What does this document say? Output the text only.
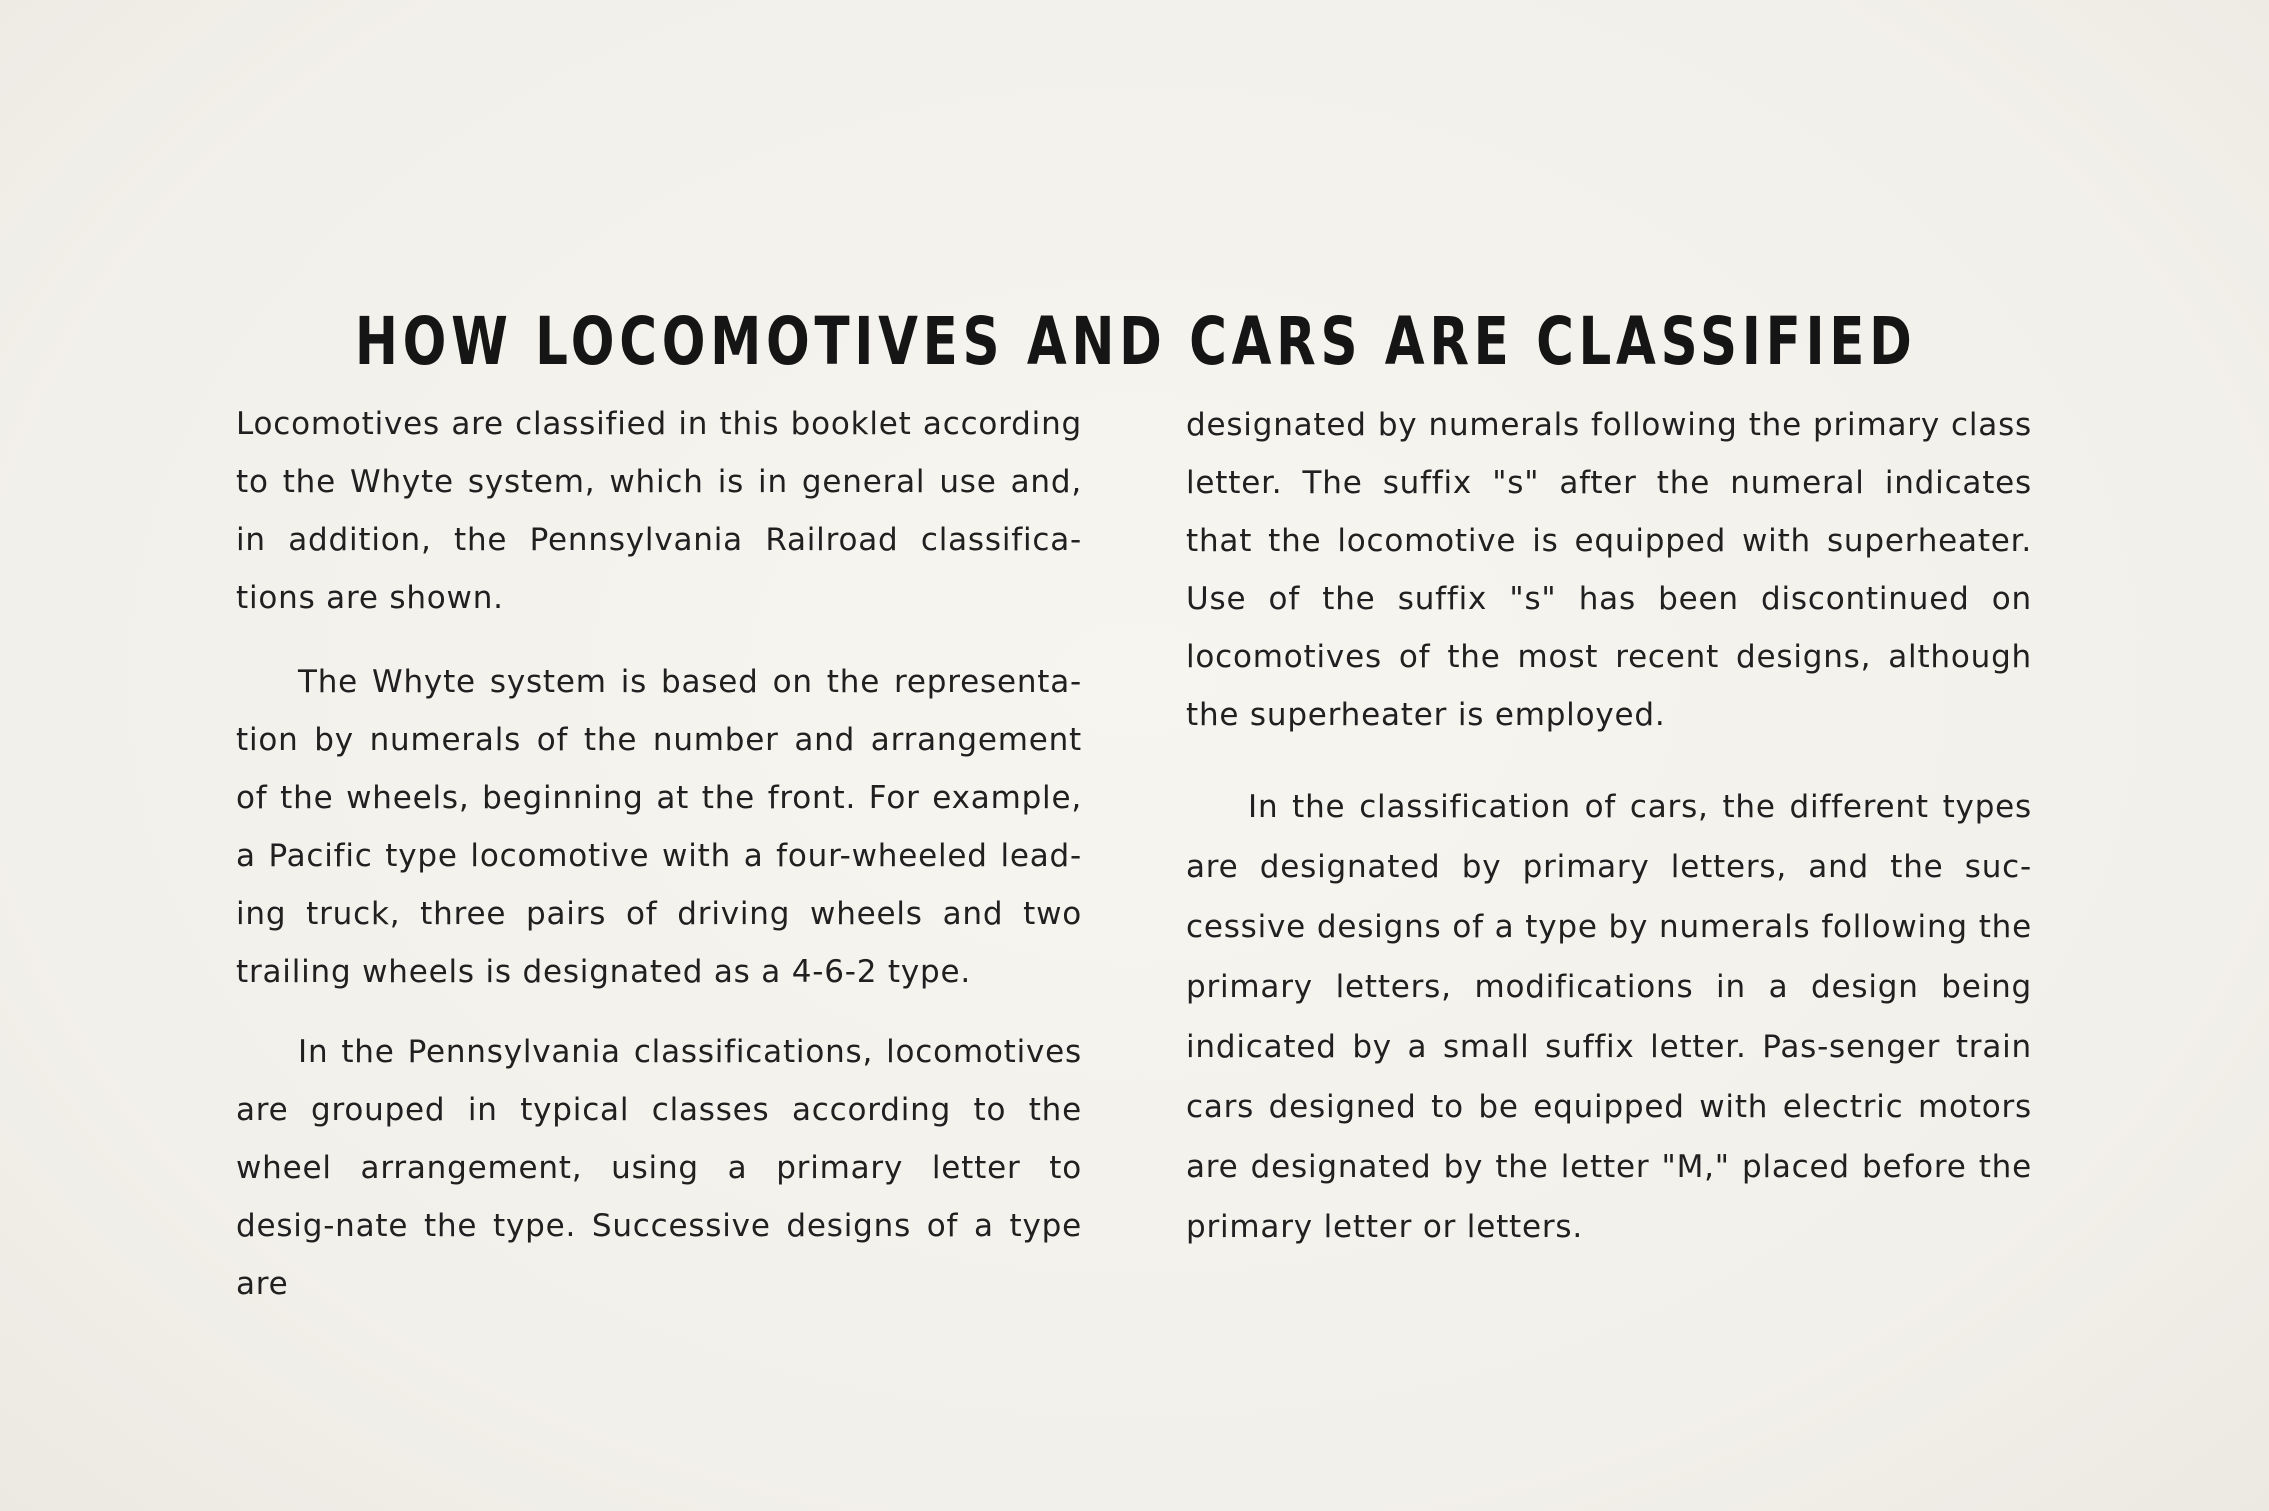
HOW LOCOMOTIVES AND CARS ARE CLASSIFIED

Locomotives are classified in this booklet according to the Whyte system, which is in general use and, in addition, the Pennsylvania Railroad classifica-tions are shown.

The Whyte system is based on the representa-tion by numerals of the number and arrangement of the wheels, beginning at the front. For example, a Pacific type locomotive with a four-wheeled lead-ing truck, three pairs of driving wheels and two trailing wheels is designated as a 4-6-2 type.

In the Pennsylvania classifications, locomotives are grouped in typical classes according to the wheel arrangement, using a primary letter to desig-nate the type. Successive designs of a type are

designated by numerals following the primary class letter. The suffix "s" after the numeral indicates that the locomotive is equipped with superheater. Use of the suffix "s" has been discontinued on locomotives of the most recent designs, although the superheater is employed.

In the classification of cars, the different types are designated by primary letters, and the suc-cessive designs of a type by numerals following the primary letters, modifications in a design being indicated by a small suffix letter. Pas-senger train cars designed to be equipped with electric motors are designated by the letter "M," placed before the primary letter or letters.
